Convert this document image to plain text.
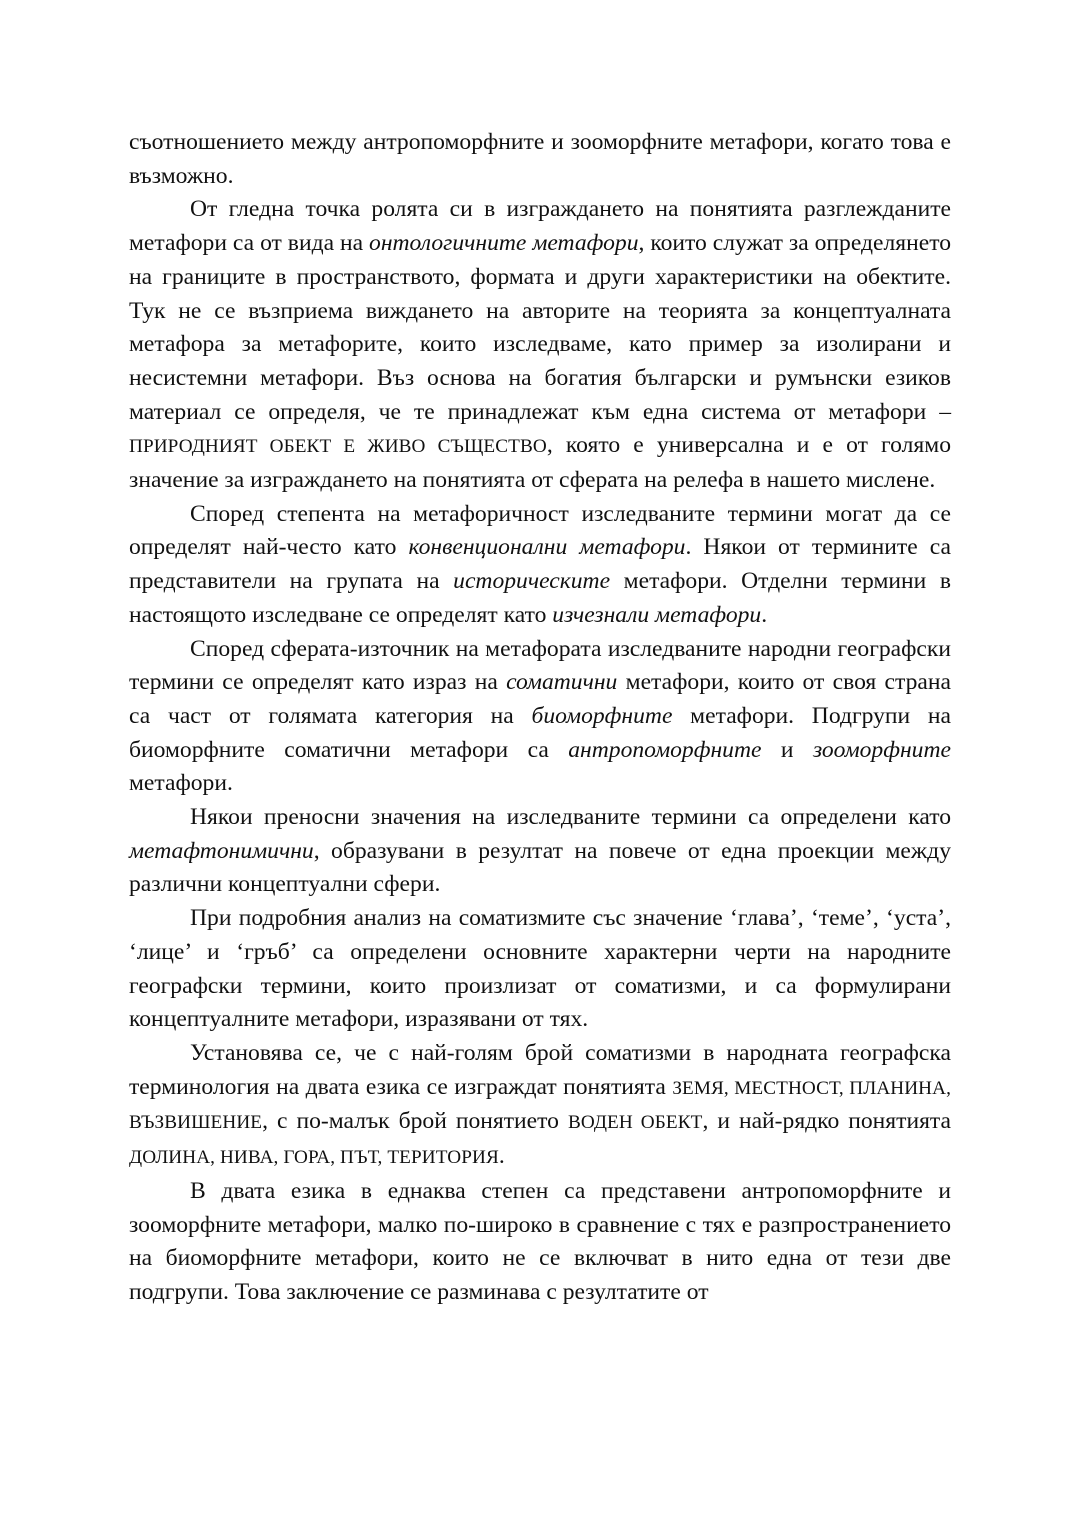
съотношението между антропоморфните и зооморфните метафори, когато това е възможно.

От гледна точка ролята си в изграждането на понятията разглежданите метафори са от вида на онтологичните метафори, които служат за определянето на границите в пространството, формата и други характеристики на обектите. Тук не се възприема виждането на авторите на теорията за концептуалната метафора за метафорите, които изследваме, като пример за изолирани и несистемни метафори. Въз основа на богатия български и румънски езиков материал се определя, че те принадлежат към една система от метафори – ПРИРОДНИЯТ ОБЕКТ Е ЖИВО СЪЩЕСТВО, която е универсална и е от голямо значение за изграждането на понятията от сферата на релефа в нашето мислене.

Според степента на метафоричност изследваните термини могат да се определят най-често като конвенционални метафори. Някои от термините са представители на групата на историческите метафори. Отделни термини в настоящото изследване се определят като изчезнали метафори.

Според сферата-източник на метафората изследваните народни географски термини се определят като израз на соматични метафори, които от своя страна са част от голямата категория на биоморфните метафори. Подгрупи на биоморфните соматични метафори са антропоморфните и зооморфните метафори.

Някои преносни значения на изследваните термини са определени като метафтонимични, образувани в резултат на повече от една проекции между различни концептуални сфери.

При подробния анализ на соматизмите със значение ‘глава’, ‘теме’, ‘уста’, ‘лице’ и ‘гръб’ са определени основните характерни черти на народните географски термини, които произлизат от соматизми, и са формулирани концептуалните метафори, изразявани от тях.

Установява се, че с най-голям брой соматизми в народната географска терминология на двата езика се изграждат понятията ЗЕМЯ, МЕСТНОСТ, ПЛАНИНА, ВЪЗВИШЕНИЕ, с по-малък брой понятието ВОДЕН ОБЕКТ, и най-рядко понятията ДОЛИНА, НИВА, ГОРА, ПЪТ, ТЕРИТОРИЯ.

В двата езика в еднаква степен са представени антропоморфните и зооморфните метафори, малко по-широко в сравнение с тях е разпространението на биоморфните метафори, които не се включват в нито една от тези две подгрупи. Това заключение се разминава с резултатите от
